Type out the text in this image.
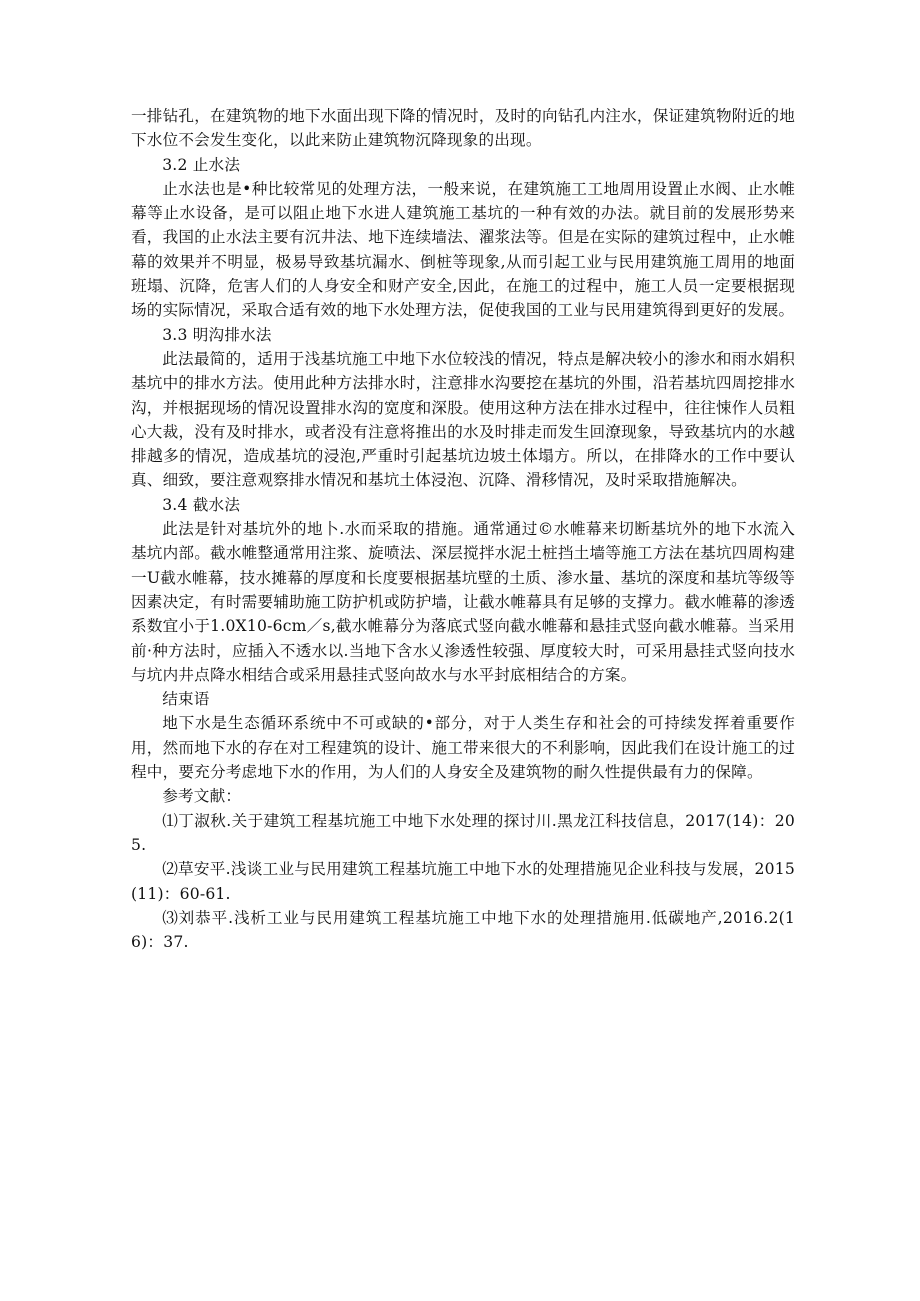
一排钻孔，在建筑物的地下水面出现下降的情况时，及时的向钻孔内注水，保证建筑物附近的地下水位不会发生变化，以此来防止建筑物沉降现象的出现。

3.2 止水法

止水法也是•种比较常见的处理方法，一般来说，在建筑施工工地周用设置止水阀、止水帷幕等止水设备，是可以阻止地下水进人建筑施工基坑的一种有效的办法。就目前的发展形势来看，我国的止水法主要有沉井法、地下连续墙法、濯浆法等。但是在实际的建筑过程中，止水帷幕的效果并不明显，极易导致基坑漏水、倒桩等现象,从而引起工业与民用建筑施工周用的地面班塌、沉降，危害人们的人身安全和财产安全,因此，在施工的过程中，施工人员一定要根据现场的实际情况，采取合适有效的地下水处理方法，促使我国的工业与民用建筑得到更好的发展。

3.3 明沟排水法

此法最简的，适用于浅基坑施工中地下水位较浅的情况，特点是解决较小的渗水和雨水娟积基坑中的排水方法。使用此种方法排水时，注意排水沟要挖在基坑的外围，沿若基坑四周挖排水沟，并根据现场的情况设置排水沟的宽度和深股。使用这种方法在排水过程中，往往悚作人员粗心大裁，没有及时排水，或者没有注意将推出的水及时排走而发生回潦现象，导致基坑内的水越排越多的情况，造成基坑的浸泡,严重时引起基坑边坡土体塌方。所以，在排降水的工作中要认真、细致，要注意观察排水情况和基坑土体浸泡、沉降、滑移情况，及时采取措施解决。

3.4 截水法

此法是针对基坑外的地卜.水而采取的措施。通常通过©水帷幕来切断基坑外的地下水流入基坑内部。截水帷整通常用注浆、旋喷法、深层搅拌水泥土桩挡土墙等施工方法在基坑四周构建一U截水帷幕，技水摊幕的厚度和长度要根据基坑壁的土质、渗水量、基坑的深度和基坑等级等因素决定，有时需要辅助施工防护机或防护墙，让截水帷幕具有足够的支撑力。截水帷幕的渗透系数宜小于1.0X10-6cm／s,截水帷幕分为落底式竖向截水帷幕和悬挂式竖向截水帷幕。当采用前·种方法时，应插入不透水以.当地下含水乂渗透性较强、厚度较大时，可采用悬挂式竖向技水与坑内井点降水相结合或采用悬挂式竖向故水与水平封底相结合的方案。

结束语

地下水是生态循环系统中不可或缺的•部分，对于人类生存和社会的可持续发挥着重要作用，然而地下水的存在对工程建筑的设计、施工带来很大的不利影响，因此我们在设计施工的过程中，要充分考虑地下水的作用，为人们的人身安全及建筑物的耐久性提供最有力的保障。

参考文献：

⑴丁淑秋.关于建筑工程基坑施工中地下水处理的探讨川.黑龙江科技信息，2017(14)：205.

⑵草安平.浅谈工业与民用建筑工程基坑施工中地下水的处理措施见企业科技与发展，2015(11)：60-61.

⑶刘恭平.浅析工业与民用建筑工程基坑施工中地下水的处理措施用.低碳地产,2016.2(16)：37.
